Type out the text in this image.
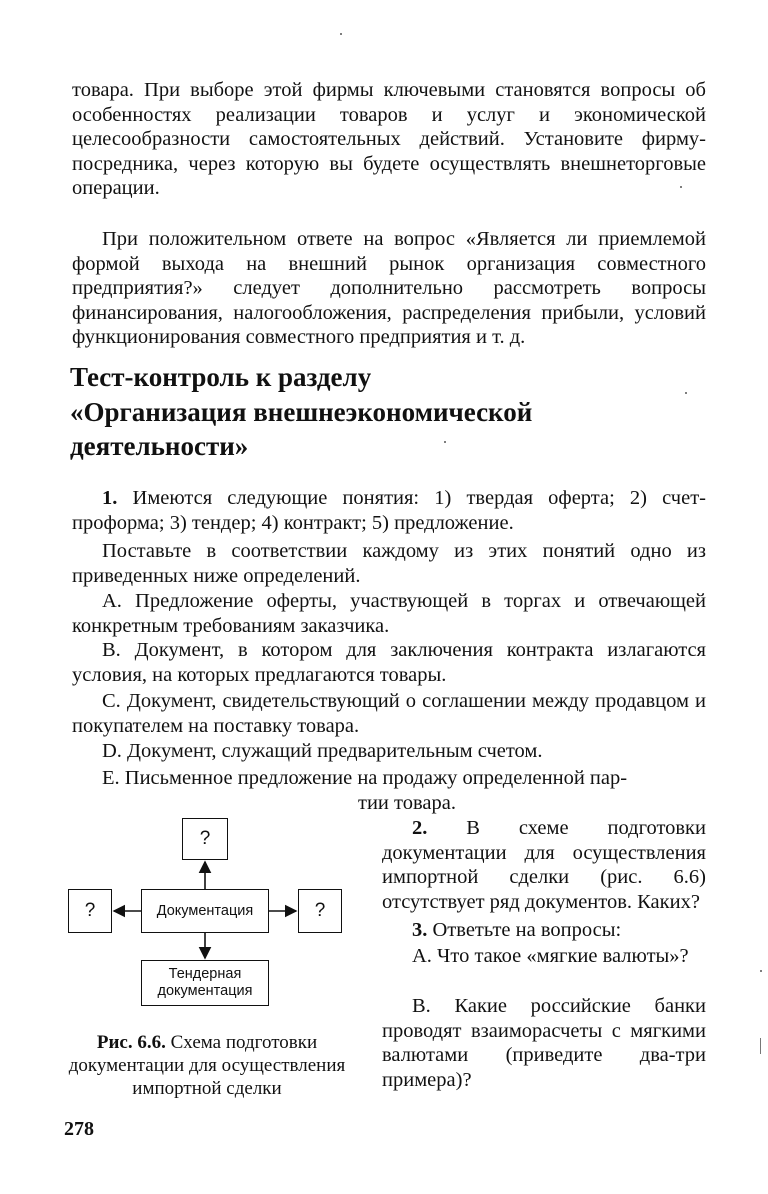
товара. При выборе этой фирмы ключевыми становятся вопросы об особенностях реализации товаров и услуг и экономической целесообразности самостоятельных действий. Установите фирму-посредника, через которую вы будете осуществлять внешнеторговые операции.

При положительном ответе на вопрос «Является ли приемлемой формой выхода на внешний рынок организация совместного предприятия?» следует дополнительно рассмотреть вопросы финансирования, налогообложения, распределения прибыли, условий функционирования совместного предприятия и т. д.

Тест-контроль к разделу
«Организация внешнеэкономической
деятельности»

1. Имеются следующие понятия: 1) твердая оферта; 2) счет-проформа; 3) тендер; 4) контракт; 5) предложение.

Поставьте в соответствии каждому из этих понятий одно из приведенных ниже определений.

А. Предложение оферты, участвующей в торгах и отвечающей конкретным требованиям заказчика.

В. Документ, в котором для заключения контракта излагаются условия, на которых предлагаются товары.

С. Документ, свидетельствующий о соглашении между продавцом и покупателем на поставку товара.

D. Документ, служащий предварительным счетом.

Е. Письменное предложение на продажу определенной пар-

тии товара.

2. В схеме подготовки документации для осуществления импортной сделки (рис. 6.6) отсутствует ряд документов. Каких?

3. Ответьте на вопросы:

А. Что такое «мягкие валюты»?

В. Какие российские банки проводят взаиморасчеты с мягкими валютами (приведите два-три примера)?

?
?	Документация	?
Тендерная
документация

Рис. 6.6. Схема подготовки документации для осуществления импортной сделки

278
